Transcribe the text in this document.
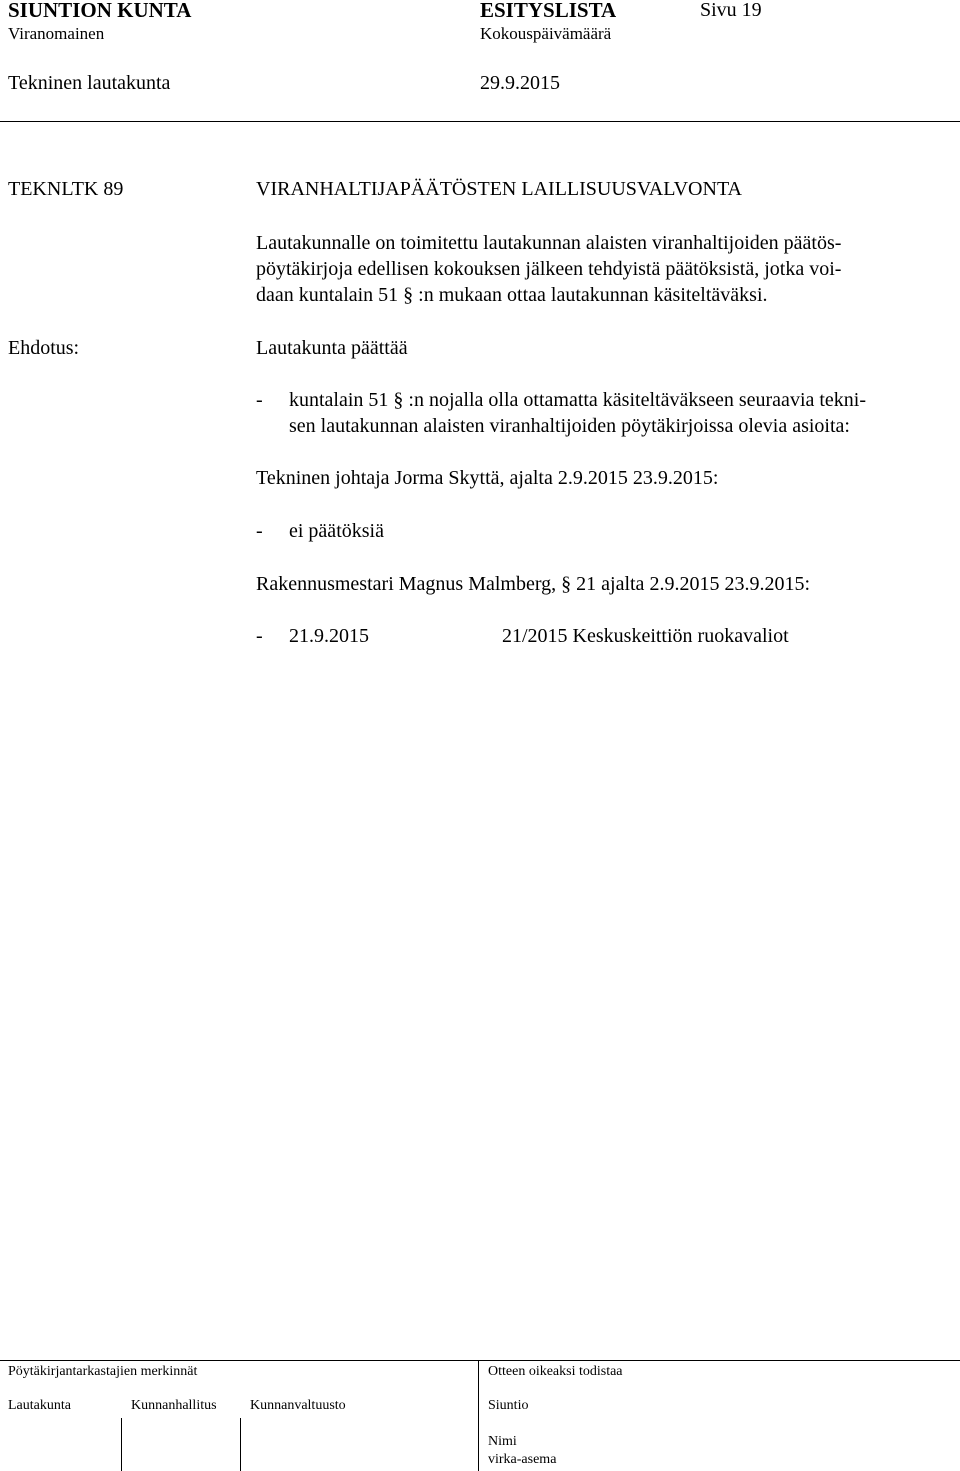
SIUNTION KUNTA	ESITYSLISTA	Sivu 19
Viranomainen	Kokouspäivämäärä
Tekninen lautakunta	29.9.2015
TEKNLTK 89	VIRANHALTIJAPÄÄTÖSTEN LAILLISUUSVALVONTA
Lautakunnalle on toimitettu lautakunnan alaisten viranhaltijoiden päätös-
pöytäkirjoja edellisen kokouksen jälkeen tehdyistä päätöksistä, jotka voi-
daan kuntalain 51 § :n mukaan ottaa lautakunnan käsiteltäväksi.
Ehdotus:	Lautakunta päättää
- kuntalain 51 § :n nojalla olla ottamatta käsiteltäväkseen seuraavia tekni-
sen lautakunnan alaisten viranhaltijoiden pöytäkirjoissa olevia asioita:
Tekninen johtaja Jorma Skyttä, ajalta 2.9.2015 23.9.2015:
- ei päätöksiä
Rakennusmestari Magnus Malmberg, § 21 ajalta 2.9.2015 23.9.2015:
- 21.9.2015	21/2015 Keskuskeittiön ruokavaliot
Pöytäkirjantarkastajien merkinnät	Otteen oikeaksi todistaa
Lautakunta	Kunnanhallitus Kunnanvaltuusto	Siuntio
Nimi
virka-asema
